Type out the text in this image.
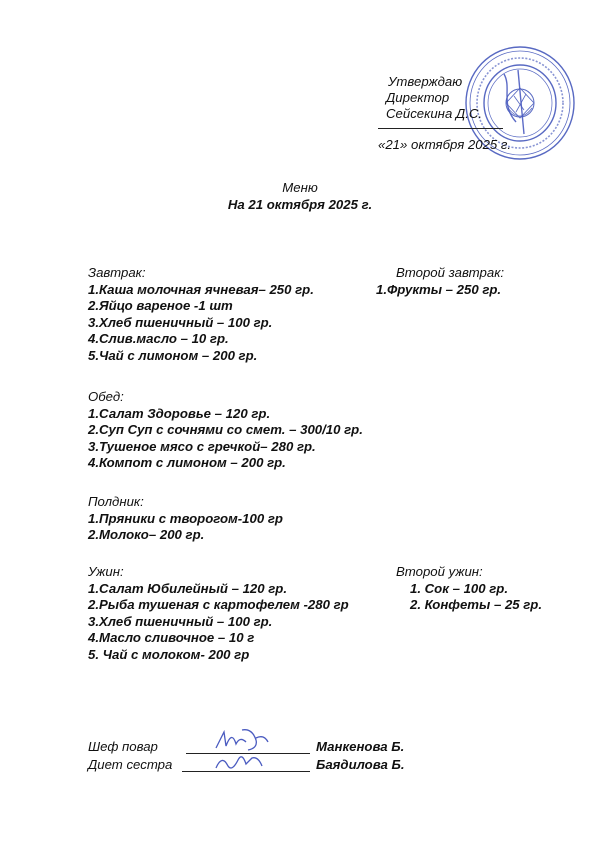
Утверждаю
Директор
Сейсекина Д.С.
«21» октября 2025 г.
Меню
На 21 октября 2025 г.
Завтрак:
1.Каша молочная ячневая– 250 гр.
2.Яйцо вареное -1 шт
3.Хлеб пшеничный – 100 гр.
4.Слив.масло – 10 гр.
5.Чай с лимоном – 200 гр.
Обед:
1.Салат Здоровье – 120 гр.
2.Суп Суп с сочнями со смет. – 300/10 гр.
3.Тушеное мясо с гречкой– 280 гр.
4.Компот с лимоном – 200 гр.
Полдник:
1.Пряники с творогом-100 гр
2.Молоко– 200 гр.
Ужин:
1.Салат Юбилейный – 120 гр.
2.Рыба тушеная с картофелем -280 гр
3.Хлеб пшеничный – 100 гр.
4.Масло сливочное – 10 г
5. Чай с молоком- 200 гр
Второй завтрак:
1.Фрукты – 250 гр.
Второй ужин:
1. Сок – 100 гр.
2. Конфеты – 25 гр.
Шеф повар	Манкенова Б.
Диет сестра	Баядилова Б.
